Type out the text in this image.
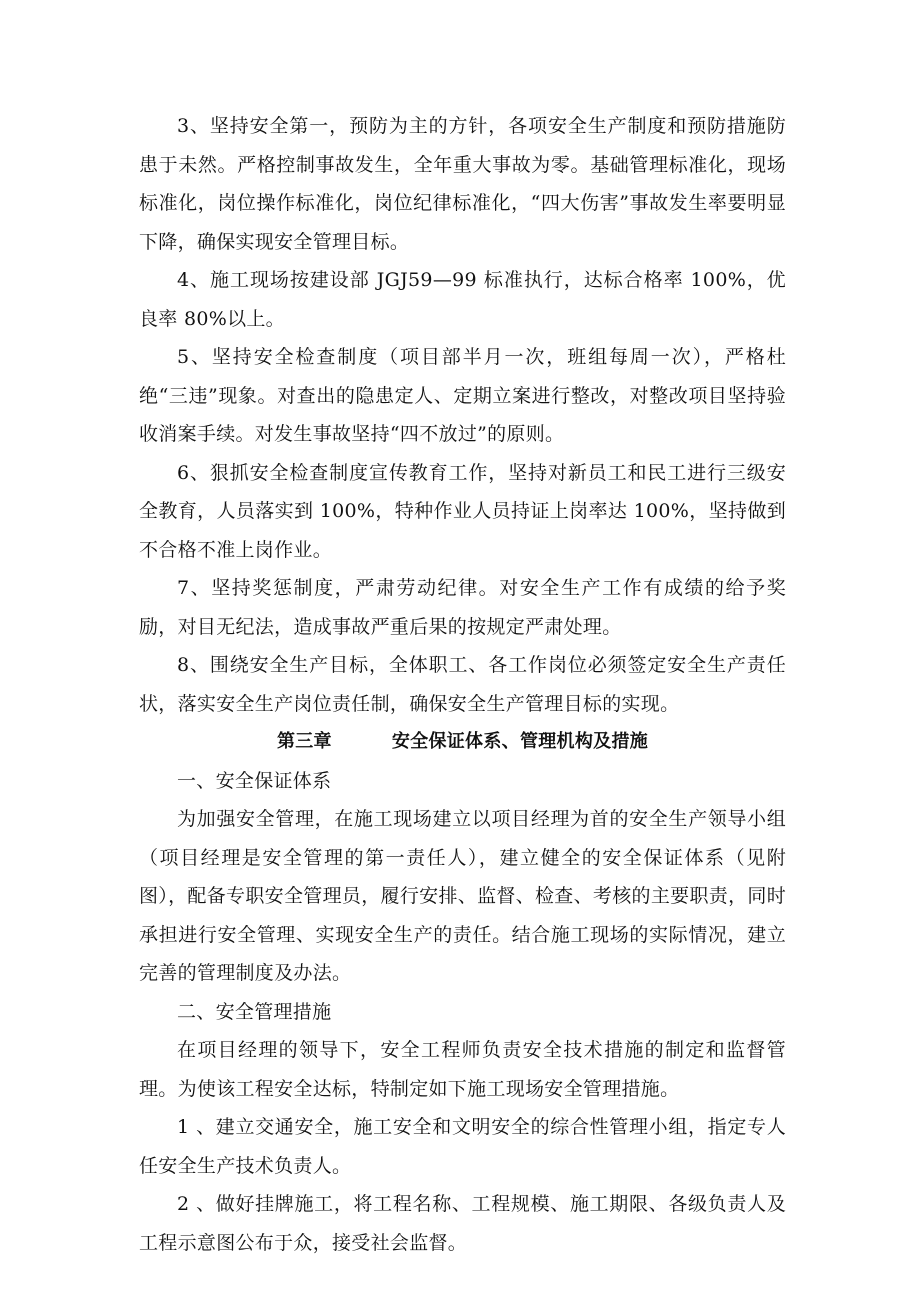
3、坚持安全第一，预防为主的方针，各项安全生产制度和预防措施防患于未然。严格控制事故发生，全年重大事故为零。基础管理标准化，现场标准化，岗位操作标准化，岗位纪律标准化，“四大伤害”事故发生率要明显下降，确保实现安全管理目标。

4、施工现场按建设部 JGJ59—99 标准执行，达标合格率 100%，优良率 80%以上。

5、坚持安全检查制度（项目部半月一次，班组每周一次），严格杜绝“三违”现象。对查出的隐患定人、定期立案进行整改，对整改项目坚持验收消案手续。对发生事故坚持“四不放过”的原则。

6、狠抓安全检查制度宣传教育工作，坚持对新员工和民工进行三级安全教育，人员落实到 100%，特种作业人员持证上岗率达 100%，坚持做到不合格不准上岗作业。

7、坚持奖惩制度，严肃劳动纪律。对安全生产工作有成绩的给予奖励，对目无纪法，造成事故严重后果的按规定严肃处理。

8、围绕安全生产目标，全体职工、各工作岗位必须签定安全生产责任状，落实安全生产岗位责任制，确保安全生产管理目标的实现。

第三章	安全保证体系、管理机构及措施

一、安全保证体系

为加强安全管理，在施工现场建立以项目经理为首的安全生产领导小组（项目经理是安全管理的第一责任人），建立健全的安全保证体系（见附图），配备专职安全管理员，履行安排、监督、检查、考核的主要职责，同时承担进行安全管理、实现安全生产的责任。结合施工现场的实际情况，建立完善的管理制度及办法。

二、安全管理措施

在项目经理的领导下，安全工程师负责安全技术措施的制定和监督管理。为使该工程安全达标，特制定如下施工现场安全管理措施。

1 、建立交通安全，施工安全和文明安全的综合性管理小组，指定专人任安全生产技术负责人。

2 、做好挂牌施工，将工程名称、工程规模、施工期限、各级负责人及工程示意图公布于众，接受社会监督。
